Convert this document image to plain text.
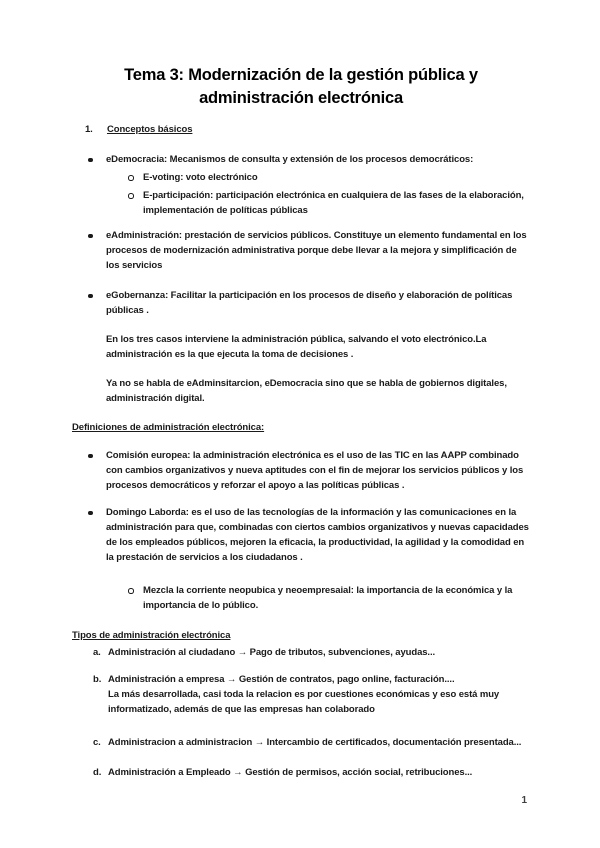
Tema 3: Modernización de la gestión pública y administración electrónica
1.	Conceptos básicos
eDemocracia: Mecanismos de consulta y extensión de los procesos democráticos:
E-voting: voto electrónico
E-participación: participación electrónica en cualquiera de las fases de la elaboración, implementación de políticas públicas
eAdministración: prestación de servicios públicos. Constituye un elemento fundamental en los procesos de modernización administrativa porque debe llevar a la mejora y simplificación de los servicios
eGobernanza: Facilitar la participación en los procesos de diseño y elaboración de políticas públicas .
En los tres casos interviene la administración pública, salvando el voto electrónico.La administración es la que ejecuta la toma de decisiones .
Ya no se habla de eAdminsitarcion, eDemocracia sino que se habla de gobiernos digitales, administración digital.
Definiciones de administración electrónica:
Comisión europea: la administración electrónica es el uso de las TIC en las AAPP combinado con cambios organizativos y nueva aptitudes con el fin de mejorar los servicios públicos y los procesos democráticos y reforzar el apoyo a las políticas públicas .
Domingo Laborda: es el uso de las tecnologías de la información y las comunicaciones en la administración para que, combinadas con ciertos cambios organizativos y nuevas capacidades de los empleados públicos, mejoren la eficacia, la productividad, la agilidad y la comodidad en la prestación de servicios a los ciudadanos .
Mezcla la corriente neopubica y neoempresaial: la importancia de la económica y la importancia de lo público.
Tipos de administración electrónica
a. Administración al ciudadano → Pago de tributos, subvenciones, ayudas...
b. Administración a empresa → Gestión de contratos, pago online, facturación....
La más desarrollada, casi toda la relacion es por cuestiones económicas y eso está muy informatizado, además de que las empresas han colaborado
c. Administracion a administracion → Intercambio de certificados, documentación presentada...
d. Administración a Empleado → Gestión de permisos, acción social, retribuciones...
1
